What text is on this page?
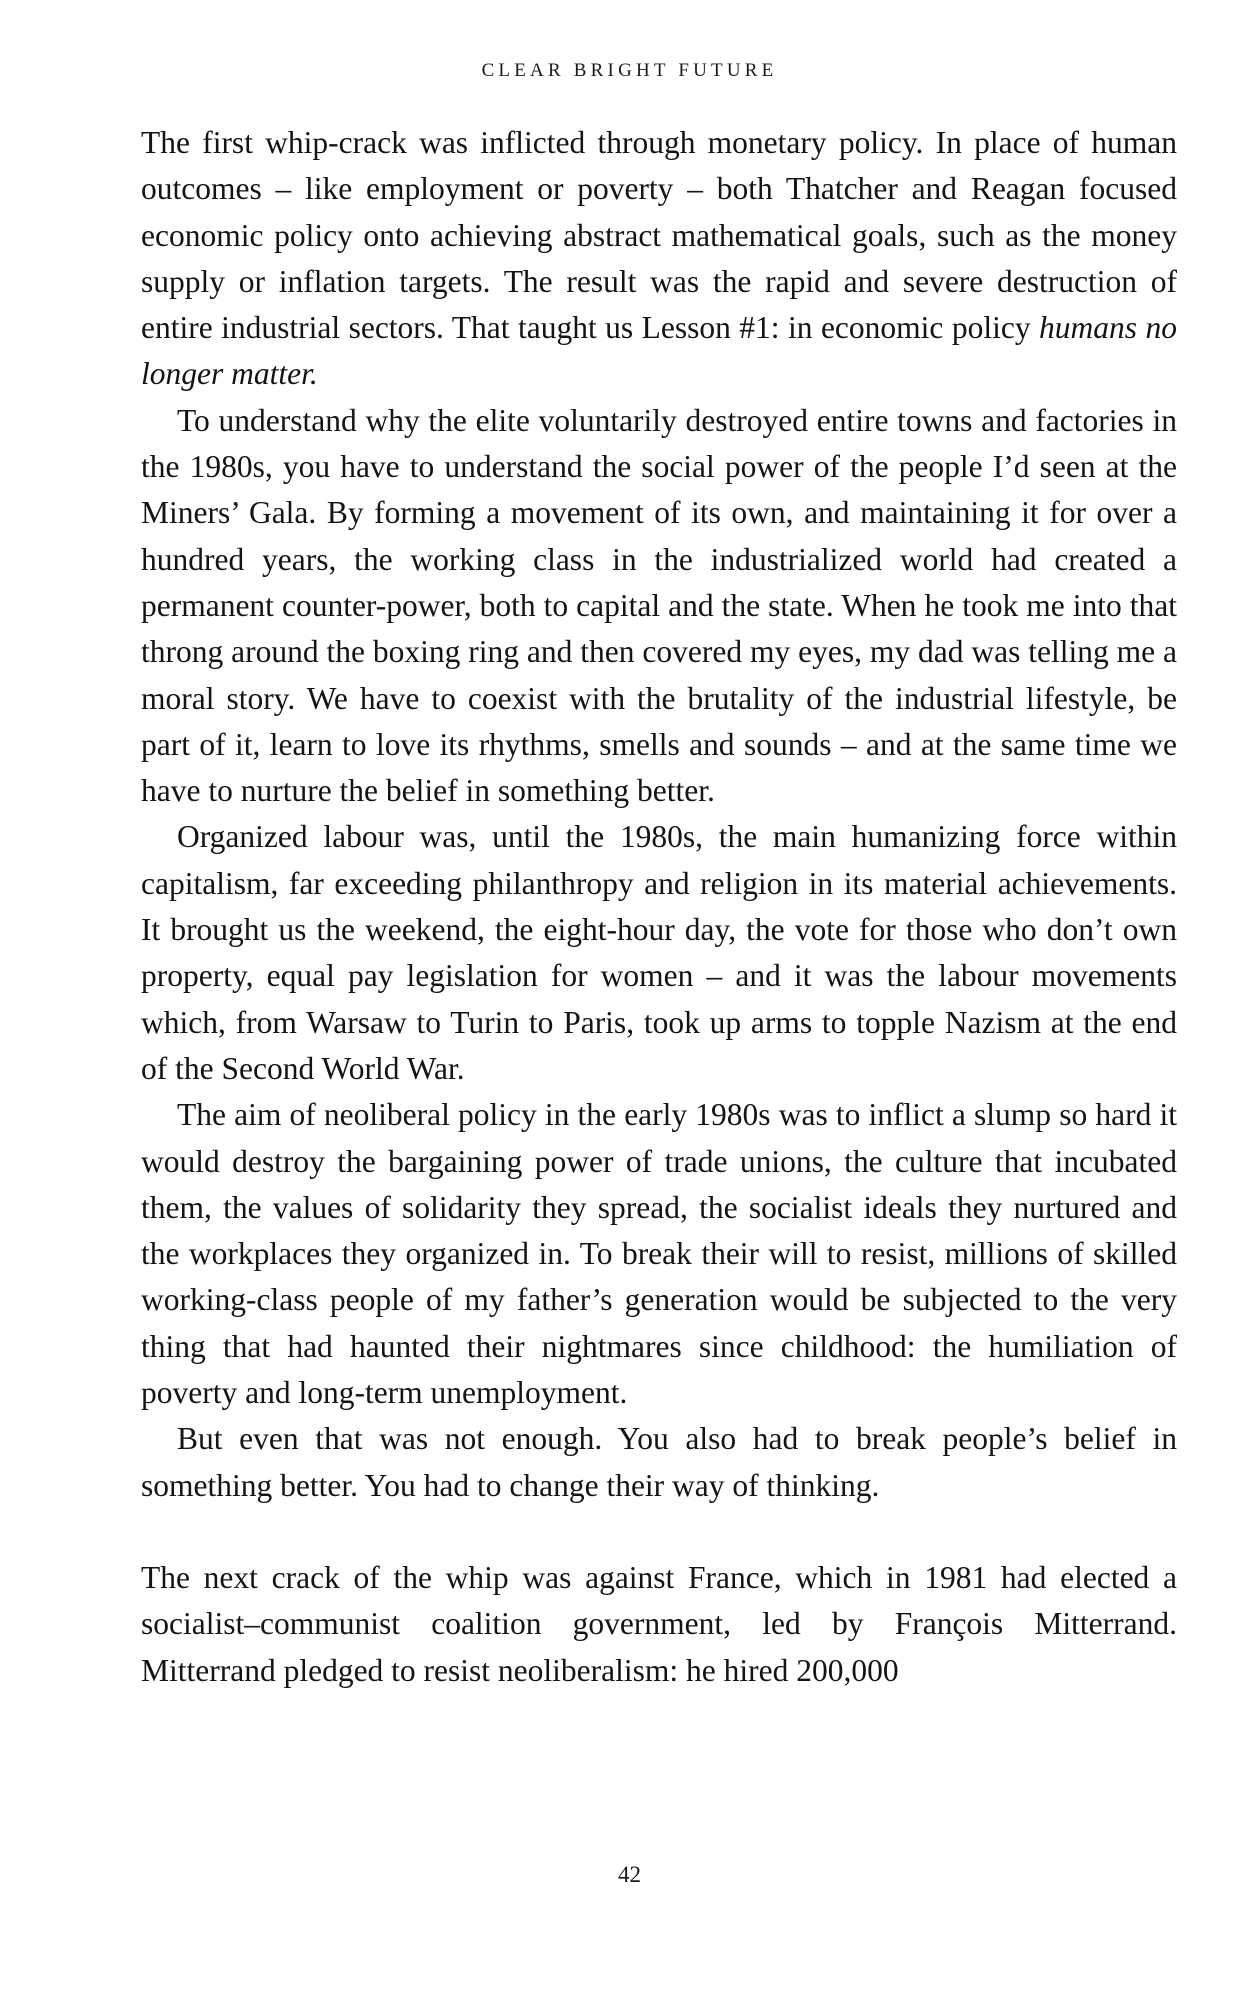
CLEAR BRIGHT FUTURE

The first whip-crack was inflicted through monetary policy. In place of human outcomes – like employment or poverty – both Thatcher and Reagan focused economic policy onto achieving abstract mathematical goals, such as the money supply or inflation targets. The result was the rapid and severe destruction of entire industrial sectors. That taught us Lesson #1: in economic policy humans no longer matter.

To understand why the elite voluntarily destroyed entire towns and factories in the 1980s, you have to understand the social power of the people I’d seen at the Miners’ Gala. By forming a movement of its own, and maintaining it for over a hundred years, the working class in the industrialized world had created a permanent counter-power, both to capital and the state. When he took me into that throng around the boxing ring and then covered my eyes, my dad was telling me a moral story. We have to coexist with the brutality of the industrial lifestyle, be part of it, learn to love its rhythms, smells and sounds – and at the same time we have to nurture the belief in something better.

Organized labour was, until the 1980s, the main humanizing force within capitalism, far exceeding philanthropy and religion in its material achievements. It brought us the weekend, the eight-hour day, the vote for those who don’t own property, equal pay legislation for women – and it was the labour movements which, from Warsaw to Turin to Paris, took up arms to topple Nazism at the end of the Second World War.

The aim of neoliberal policy in the early 1980s was to inflict a slump so hard it would destroy the bargaining power of trade unions, the culture that incubated them, the values of solidarity they spread, the socialist ideals they nurtured and the workplaces they organized in. To break their will to resist, millions of skilled working-class people of my father’s generation would be subjected to the very thing that had haunted their nightmares since childhood: the humiliation of poverty and long-term unemployment.

But even that was not enough. You also had to break people’s belief in something better. You had to change their way of thinking.

The next crack of the whip was against France, which in 1981 had elected a socialist–communist coalition government, led by François Mitterrand. Mitterrand pledged to resist neoliberalism: he hired 200,000

42
